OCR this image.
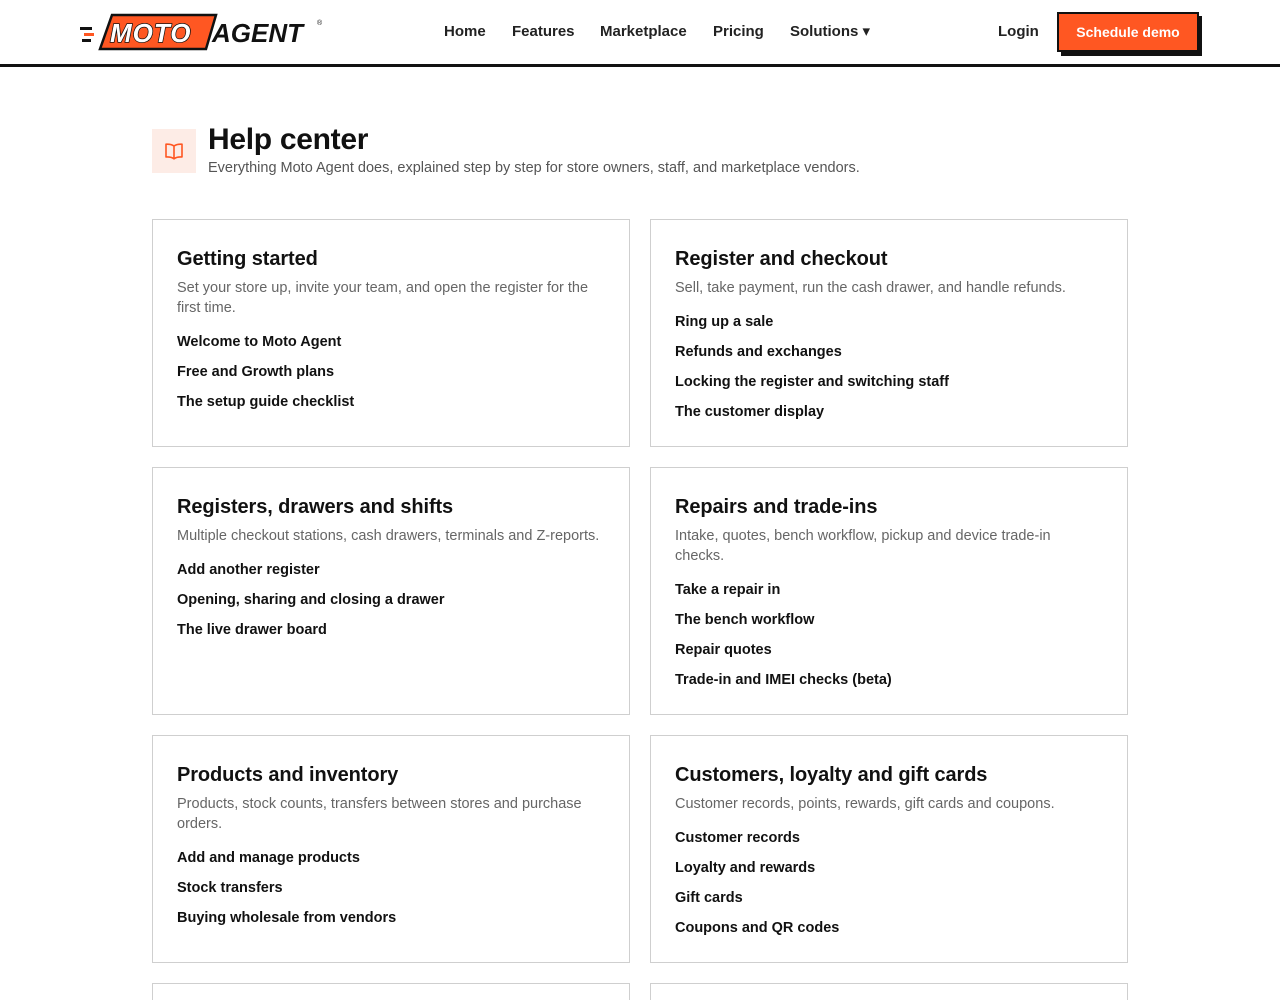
MOTO AGENT	®	Home Features Marketplace Pricing Solutions ▾	Login	Schedule demo
Help center

Everything Moto Agent does, explained step by step for store owners, staff, and marketplace vendors.

Getting started

Set your store up, invite your team, and open the register for the first time.

Welcome to Moto Agent
Free and Growth plans
The setup guide checklist
Register and checkout

Sell, take payment, run the cash drawer, and handle refunds.

Ring up a sale
Refunds and exchanges
Locking the register and switching staff
The customer display
Registers, drawers and shifts

Multiple checkout stations, cash drawers, terminals and Z-reports.

Add another register
Opening, sharing and closing a drawer
The live drawer board
Repairs and trade-ins

Intake, quotes, bench workflow, pickup and device trade-in checks.

Take a repair in
The bench workflow
Repair quotes
Trade-in and IMEI checks (beta)
Products and inventory

Products, stock counts, transfers between stores and purchase orders.

Add and manage products
Stock transfers
Buying wholesale from vendors
Customers, loyalty and gift cards

Customer records, points, rewards, gift cards and coupons.

Customer records
Loyalty and rewards
Gift cards
Coupons and QR codes
